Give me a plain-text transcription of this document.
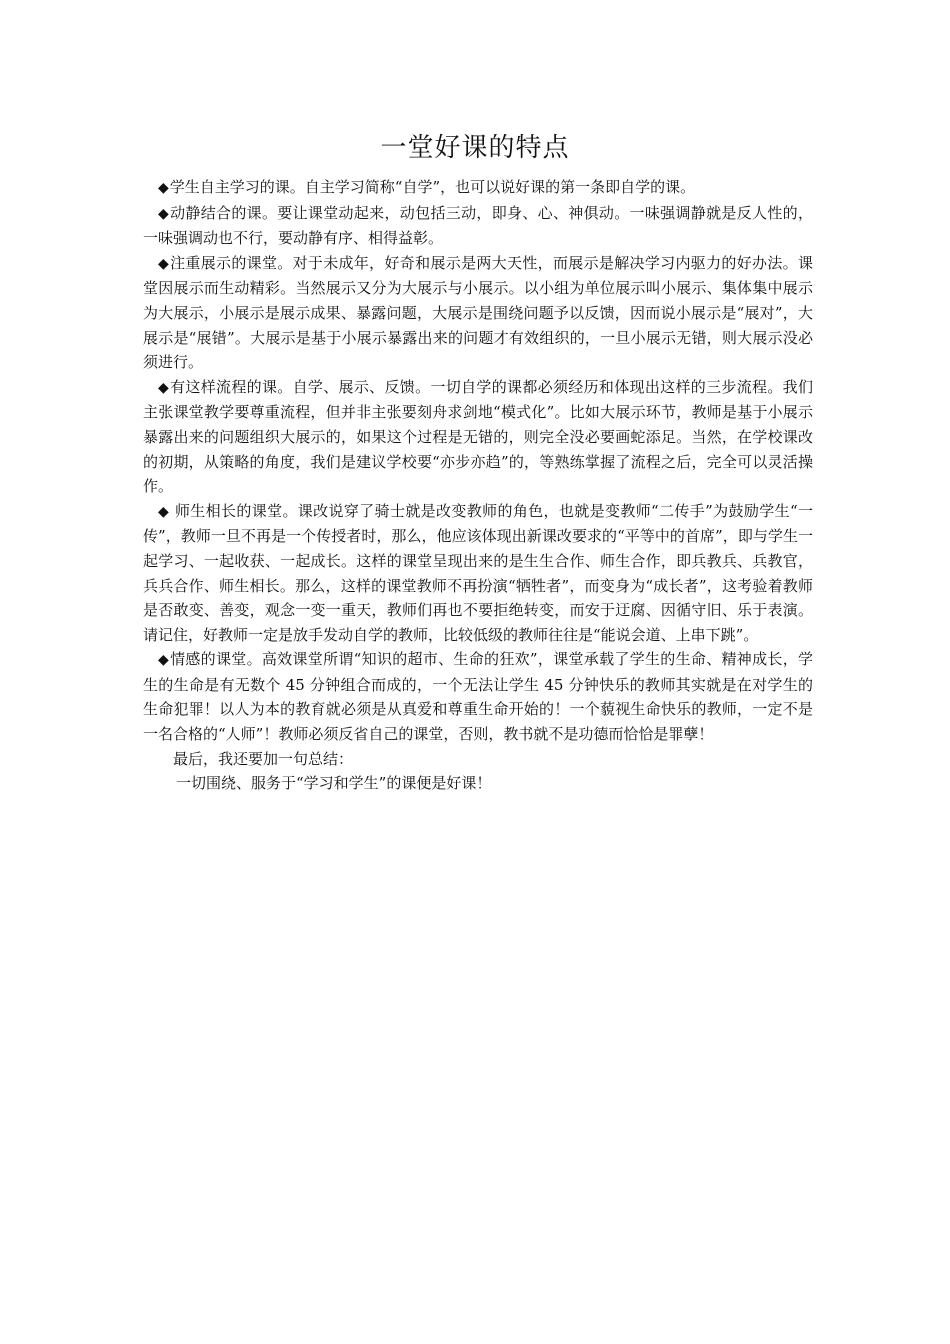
一堂好课的特点

◆学生自主学习的课。自主学习简称“自学”，也可以说好课的第一条即自学的课。

◆动静结合的课。要让课堂动起来，动包括三动，即身、心、神俱动。一味强调静就是反人性的，一味强调动也不行，要动静有序、相得益彰。

◆注重展示的课堂。对于未成年，好奇和展示是两大天性，而展示是解决学习内驱力的好办法。课堂因展示而生动精彩。当然展示又分为大展示与小展示。以小组为单位展示叫小展示、集体集中展示为大展示，小展示是展示成果、暴露问题，大展示是围绕问题予以反馈，因而说小展示是“展对”，大展示是“展错”。大展示是基于小展示暴露出来的问题才有效组织的，一旦小展示无错，则大展示没必须进行。

◆有这样流程的课。自学、展示、反馈。一切自学的课都必须经历和体现出这样的三步流程。我们主张课堂教学要尊重流程，但并非主张要刻舟求剑地“模式化”。比如大展示环节，教师是基于小展示暴露出来的问题组织大展示的，如果这个过程是无错的，则完全没必要画蛇添足。当然，在学校课改的初期，从策略的角度，我们是建议学校要“亦步亦趋”的，等熟练掌握了流程之后，完全可以灵活操作。

◆ 师生相长的课堂。课改说穿了骑士就是改变教师的角色，也就是变教师“二传手”为鼓励学生“一传”，教师一旦不再是一个传授者时，那么，他应该体现出新课改要求的“平等中的首席”，即与学生一起学习、一起收获、一起成长。这样的课堂呈现出来的是生生合作、师生合作，即兵教兵、兵教官，兵兵合作、师生相长。那么，这样的课堂教师不再扮演“牺牲者”，而变身为“成长者”，这考验着教师是否敢变、善变，观念一变一重天，教师们再也不要拒绝转变，而安于迂腐、因循守旧、乐于表演。请记住，好教师一定是放手发动自学的教师，比较低级的教师往往是“能说会道、上串下跳”。

◆情感的课堂。高效课堂所谓“知识的超市、生命的狂欢”，课堂承载了学生的生命、精神成长，学生的生命是有无数个 45 分钟组合而成的，一个无法让学生 45 分钟快乐的教师其实就是在对学生的生命犯罪！以人为本的教育就必须是从真爱和尊重生命开始的！一个藐视生命快乐的教师，一定不是一名合格的“人师”！教师必须反省自己的课堂，否则，教书就不是功德而恰恰是罪孽！

最后，我还要加一句总结：

一切围绕、服务于“学习和学生”的课便是好课！
